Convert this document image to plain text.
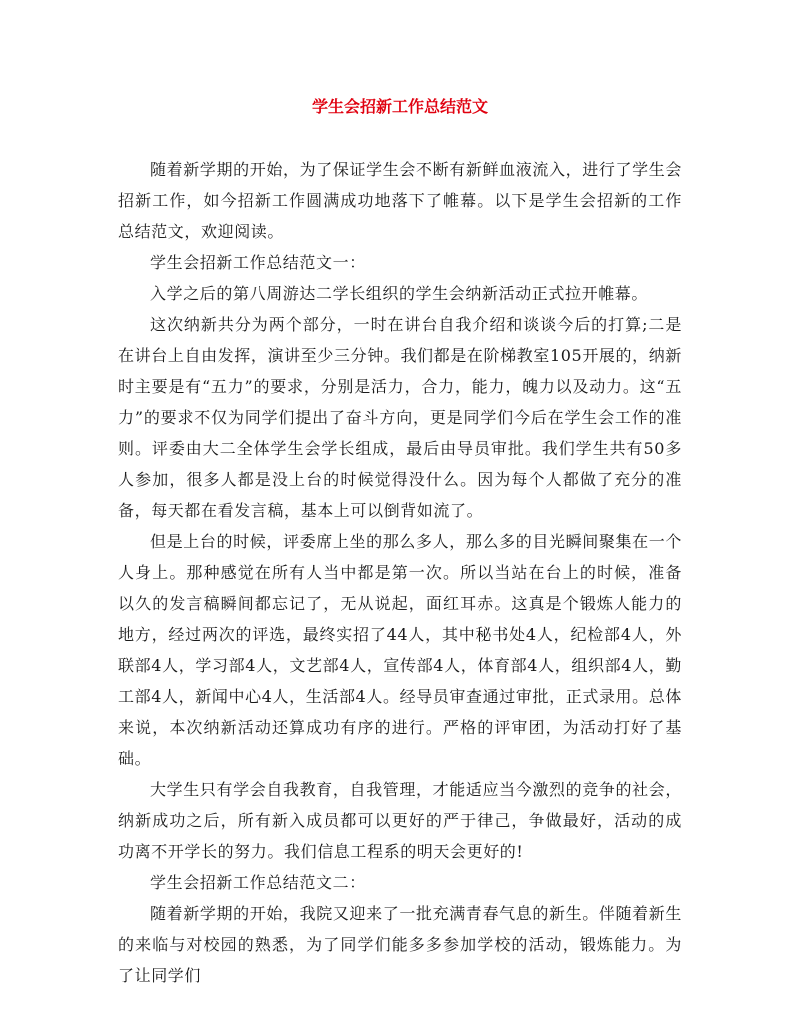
学生会招新工作总结范文

随着新学期的开始，为了保证学生会不断有新鲜血液流入，进行了学生会招新工作，如今招新工作圆满成功地落下了帷幕。以下是学生会招新的工作总结范文，欢迎阅读。

学生会招新工作总结范文一：

入学之后的第八周游达二学长组织的学生会纳新活动正式拉开帷幕。

这次纳新共分为两个部分，一时在讲台自我介绍和谈谈今后的打算;二是在讲台上自由发挥，演讲至少三分钟。我们都是在阶梯教室105开展的，纳新时主要是有“五力”的要求，分别是活力，合力，能力，魄力以及动力。这“五力”的要求不仅为同学们提出了奋斗方向，更是同学们今后在学生会工作的准则。评委由大二全体学生会学长组成，最后由导员审批。我们学生共有50多人参加，很多人都是没上台的时候觉得没什么。因为每个人都做了充分的准备，每天都在看发言稿，基本上可以倒背如流了。

但是上台的时候，评委席上坐的那么多人，那么多的目光瞬间聚集在一个人身上。那种感觉在所有人当中都是第一次。所以当站在台上的时候，准备以久的发言稿瞬间都忘记了，无从说起，面红耳赤。这真是个锻炼人能力的地方，经过两次的评选，最终实招了44人，其中秘书处4人，纪检部4人，外联部4人，学习部4人，文艺部4人，宣传部4人，体育部4人，组织部4人，勤工部4人，新闻中心4人，生活部4人。经导员审查通过审批，正式录用。总体来说，本次纳新活动还算成功有序的进行。严格的评审团，为活动打好了基础。

大学生只有学会自我教育，自我管理，才能适应当今激烈的竞争的社会，纳新成功之后，所有新入成员都可以更好的严于律己，争做最好，活动的成功离不开学长的努力。我们信息工程系的明天会更好的!

学生会招新工作总结范文二：

随着新学期的开始，我院又迎来了一批充满青春气息的新生。伴随着新生的来临与对校园的熟悉，为了同学们能多多参加学校的活动，锻炼能力。为了让同学们
